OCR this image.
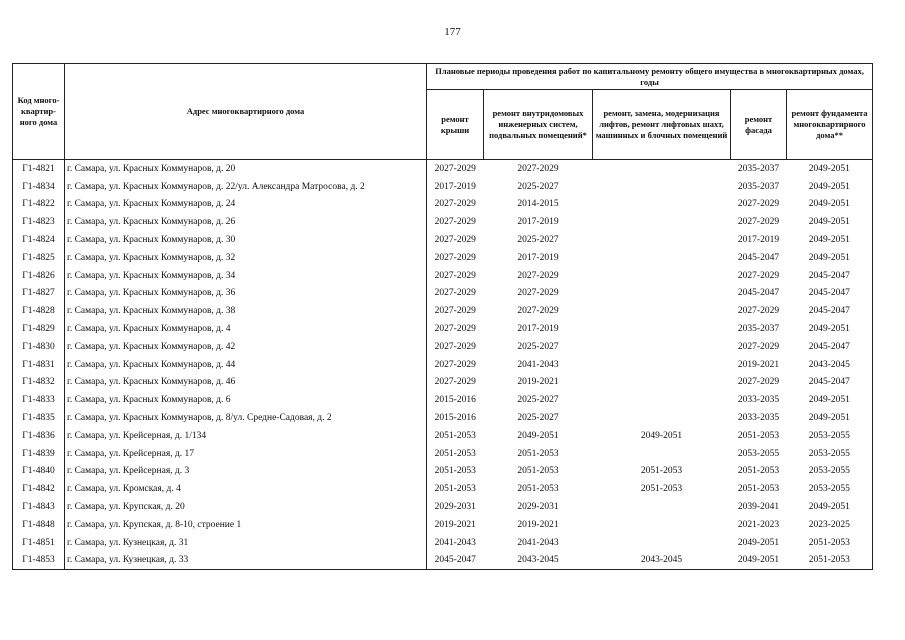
177
Код много-квартир-ного дома	Адрес многоквартирного дома	Плановые периоды проведения работ по капитальному ремонту общего имущества в многоквартирных домах, годы				
		ремонт крыши	ремонт внутридомовых инженерных систем, подвальных помещений*	ремонт, замена, модернизация лифтов, ремонт лифтовых шахт, машинных и блочных помещений	ремонт фасада	ремонт фундамента многоквартирного дома**
Г1-4821	г. Самара, ул. Красных Коммунаров, д. 20	2027-2029	2027-2029		2035-2037	2049-2051
Г1-4834	г. Самара, ул. Красных Коммунаров, д. 22/ул. Александра Матросова, д. 2	2017-2019	2025-2027		2035-2037	2049-2051
Г1-4822	г. Самара, ул. Красных Коммунаров, д. 24	2027-2029	2014-2015		2027-2029	2049-2051
Г1-4823	г. Самара, ул. Красных Коммунаров, д. 26	2027-2029	2017-2019		2027-2029	2049-2051
Г1-4824	г. Самара, ул. Красных Коммунаров, д. 30	2027-2029	2025-2027		2017-2019	2049-2051
Г1-4825	г. Самара, ул. Красных Коммунаров, д. 32	2027-2029	2017-2019		2045-2047	2049-2051
Г1-4826	г. Самара, ул. Красных Коммунаров, д. 34	2027-2029	2027-2029		2027-2029	2045-2047
Г1-4827	г. Самара, ул. Красных Коммунаров, д. 36	2027-2029	2027-2029		2045-2047	2045-2047
Г1-4828	г. Самара, ул. Красных Коммунаров, д. 38	2027-2029	2027-2029		2027-2029	2045-2047
Г1-4829	г. Самара, ул. Красных Коммунаров, д. 4	2027-2029	2017-2019		2035-2037	2049-2051
Г1-4830	г. Самара, ул. Красных Коммунаров, д. 42	2027-2029	2025-2027		2027-2029	2045-2047
Г1-4831	г. Самара, ул. Красных Коммунаров, д. 44	2027-2029	2041-2043		2019-2021	2043-2045
Г1-4832	г. Самара, ул. Красных Коммунаров, д. 46	2027-2029	2019-2021		2027-2029	2045-2047
Г1-4833	г. Самара, ул. Красных Коммунаров, д. 6	2015-2016	2025-2027		2033-2035	2049-2051
Г1-4835	г. Самара, ул. Красных Коммунаров, д. 8/ул. Средне-Садовая, д. 2	2015-2016	2025-2027		2033-2035	2049-2051
Г1-4836	г. Самара, ул. Крейсерная, д. 1/134	2051-2053	2049-2051	2049-2051	2051-2053	2053-2055
Г1-4839	г. Самара, ул. Крейсерная, д. 17	2051-2053	2051-2053		2053-2055	2053-2055
Г1-4840	г. Самара, ул. Крейсерная, д. 3	2051-2053	2051-2053	2051-2053	2051-2053	2053-2055
Г1-4842	г. Самара, ул. Кромская, д. 4	2051-2053	2051-2053	2051-2053	2051-2053	2053-2055
Г1-4843	г. Самара, ул. Крупская, д. 20	2029-2031	2029-2031		2039-2041	2049-2051
Г1-4848	г. Самара, ул. Крупская, д. 8-10, строение 1	2019-2021	2019-2021		2021-2023	2023-2025
Г1-4851	г. Самара, ул. Кузнецкая, д. 31	2041-2043	2041-2043		2049-2051	2051-2053
Г1-4853	г. Самара, ул. Кузнецкая, д. 33	2045-2047	2043-2045	2043-2045	2049-2051	2051-2053
